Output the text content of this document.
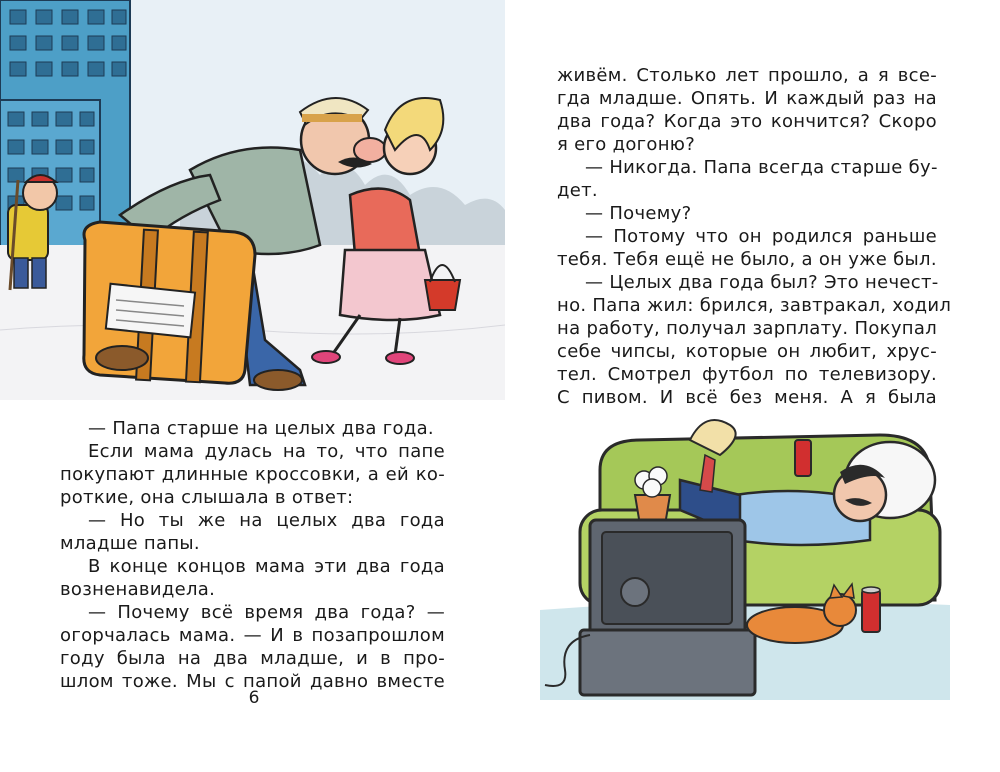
живём. Столько лет прошло, а я все-

гда младше. Опять. И каждый раз на

два года? Когда это кончится? Скоро

я его догоню?

— Никогда. Папа всегда старше бу-

дет.

— Почему?

— Потому что он родился раньше

тебя. Тебя ещё не было, а он уже был.

— Целых два года был? Это нечест-

но. Папа жил: брился, завтракал, ходил

на работу, получал зарплату. Покупал

себе чипсы, которые он любит, хрус-

тел. Смотрел футбол по телевизору.

С пивом. И всё без меня. А я была

— Папа старше на целых два года.

Если мама дулась на то, что папе

покупают длинные кроссовки, а ей ко-

роткие, она слышала в ответ:

— Но ты же на целых два года

младше папы.

В конце концов мама эти два года

возненавидела.

— Почему всё время два года? —

огорчалась мама. — И в позапрошлом

году была на два младше, и в про-

шлом тоже. Мы с папой давно вместе

6
